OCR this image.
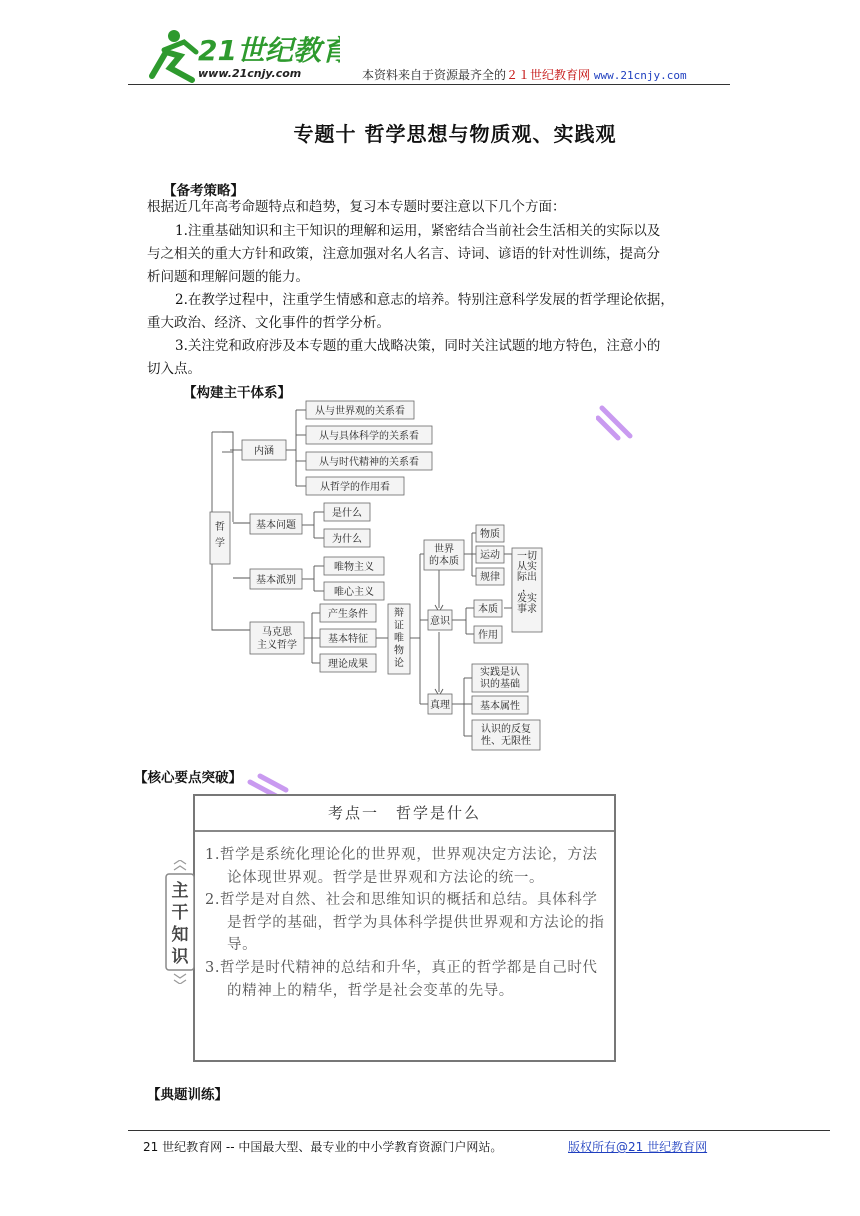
21世纪教育
www.21cnjy.com	本资料来自于资源最齐全的２１世纪教育网 www.21cnjy.com
专题十 哲学思想与物质观、实践观
【备考策略】
根据近几年高考命题特点和趋势，复习本专题时要注意以下几个方面：
1.注重基础知识和主干知识的理解和运用，紧密结合当前社会生活相关的实际以及
与之相关的重大方针和政策，注意加强对名人名言、诗词、谚语的针对性训练，提高分
析问题和理解问题的能力。
2.在教学过程中，注重学生情感和意志的培养。特别注意科学发展的哲学理论依据，
重大政治、经济、文化事件的哲学分析。
3.关注党和政府涉及本专题的重大战略决策，同时关注试题的地方特色，注意小的
切入点。
【构建主干体系】
哲学
内涵
从与世界观的关系看
从与具体科学的关系看
从与时代精神的关系看
从哲学的作用看
基本问题
是什么
为什么
基本派别
唯物主义
唯心主义
马克思主义哲学
产生条件
基本特征
理论成果
辩证唯物论
世界的本质
物质
运动
规律
意识
本质
作用
一切从实际出，发实事求
真理
实践是认识的基础
基本属性
认识的反复性、无限性
【核心要点突破】
考点一　哲学是什么

1.哲学是系统化理论化的世界观，世界观决定方法论，方法论体现世界观。哲学是世界观和方法论的统一。

2.哲学是对自然、社会和思维知识的概括和总结。具体科学是哲学的基础，哲学为具体科学提供世界观和方法论的指导。

3.哲学是时代精神的总结和升华，真正的哲学都是自己时代的精神上的精华，哲学是社会变革的先导。

主
干
知
识
【典题训练】
21 世纪教育网 -- 中国最大型、最专业的中小学教育资源门户网站。	版权所有@21 世纪教育网
